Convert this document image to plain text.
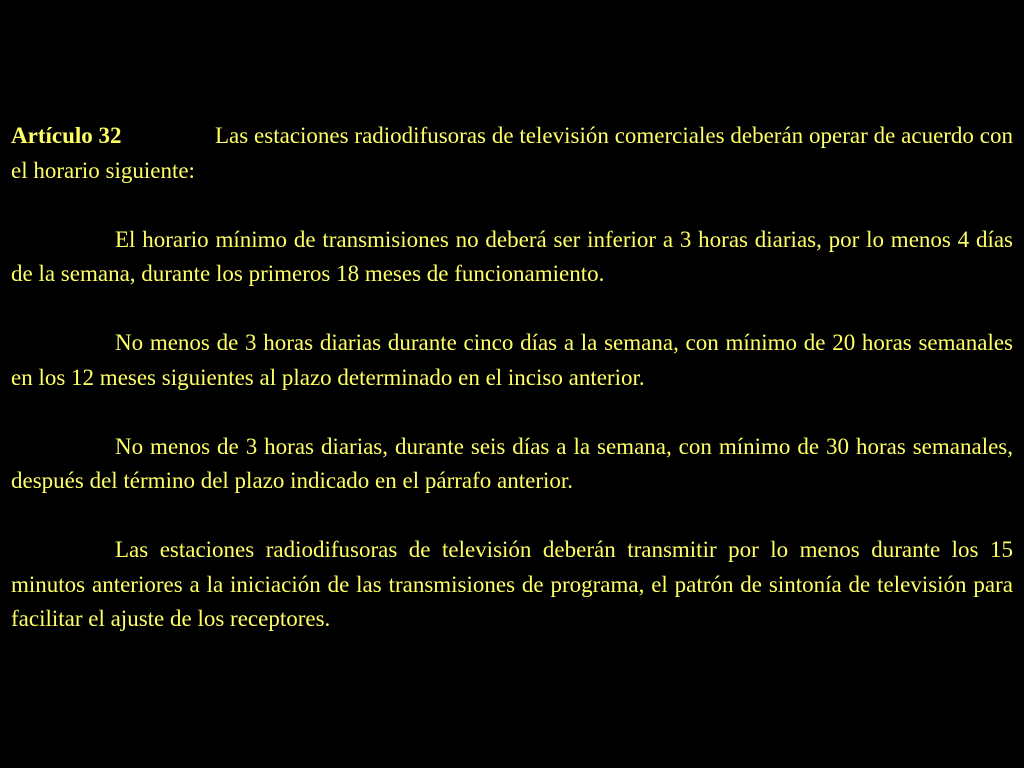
Artículo 32	Las estaciones radiodifusoras de televisión comerciales deberán operar de acuerdo con el horario siguiente:

El horario mínimo de transmisiones no deberá ser inferior a 3 horas diarias, por lo menos 4 días de la semana, durante los primeros 18 meses de funcionamiento.

No menos de 3 horas diarias durante cinco días a la semana, con mínimo de 20 horas semanales en los 12 meses siguientes al plazo determinado en el inciso anterior.

No menos de 3 horas diarias, durante seis días a la semana, con mínimo de 30 horas semanales, después del término del plazo indicado en el párrafo anterior.

Las estaciones radiodifusoras de televisión deberán transmitir por lo menos durante los 15 minutos anteriores a la iniciación de las transmisiones de programa, el patrón de sintonía de televisión para facilitar el ajuste de los receptores.
